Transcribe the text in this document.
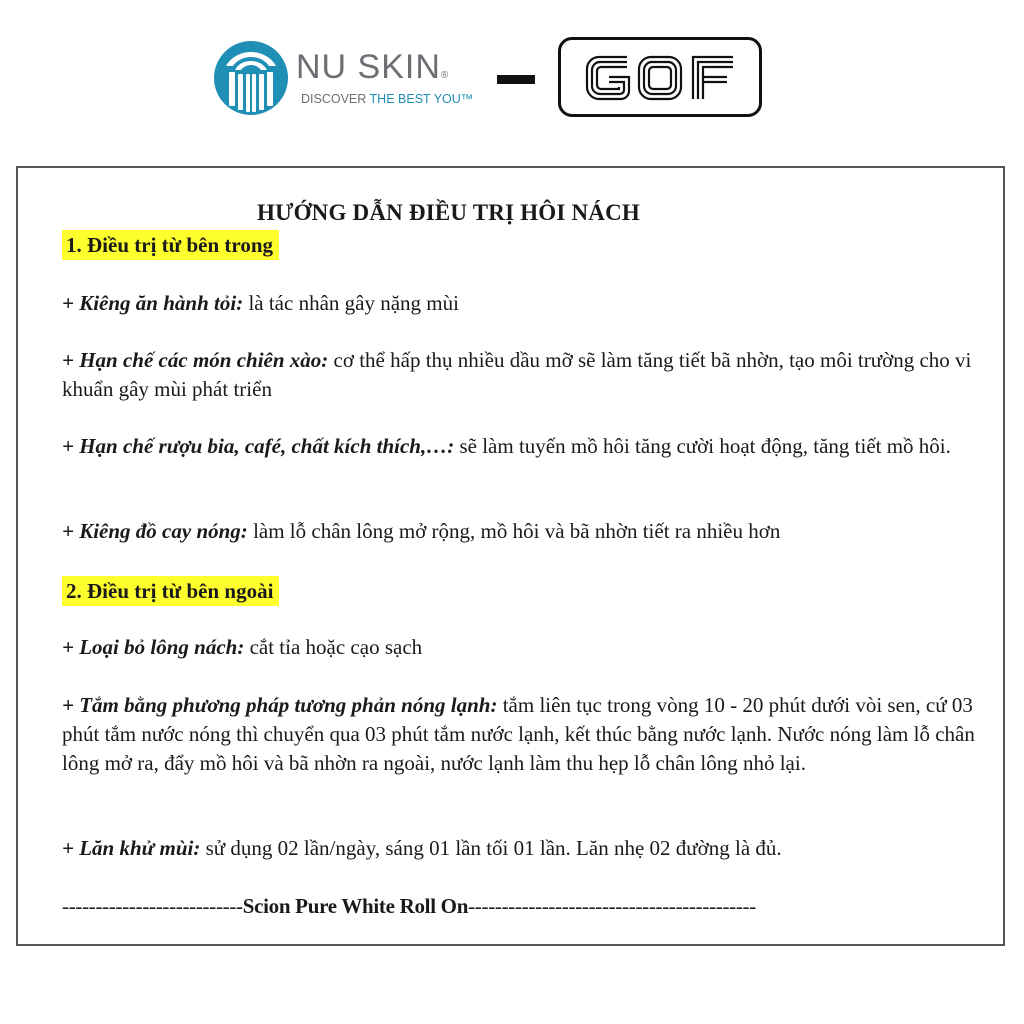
NU SKIN®
DISCOVER THE BEST YOU™
HƯỚNG DẪN ĐIỀU TRỊ HÔI NÁCH
1. Điều trị từ bên trong

+ Kiêng ăn hành tỏi: là tác nhân gây nặng mùi

+ Hạn chế các món chiên xào: cơ thể hấp thụ nhiều dầu mỡ sẽ làm tăng tiết bã nhờn, tạo môi trường cho vi khuẩn gây mùi phát triển

+ Hạn chế rượu bia, café, chất kích thích,…: sẽ làm tuyến mồ hôi tăng cười hoạt động, tăng tiết mồ hôi.

+ Kiêng đồ cay nóng: làm lỗ chân lông mở rộng, mồ hôi và bã nhờn tiết ra nhiều hơn

2. Điều trị từ bên ngoài

+ Loại bỏ lông nách: cắt tỉa hoặc cạo sạch

+ Tắm bằng phương pháp tương phản nóng lạnh: tắm liên tục trong vòng 10 - 20 phút dưới vòi sen, cứ 03 phút tắm nước nóng thì chuyển qua 03 phút tắm nước lạnh, kết thúc bằng nước lạnh. Nước nóng làm lỗ chân lông mở ra, đẩy mồ hôi và bã nhờn ra ngoài, nước lạnh làm thu hẹp lỗ chân lông nhỏ lại.

+ Lăn khử mùi: sử dụng 02 lần/ngày, sáng 01 lần tối 01 lần. Lăn nhẹ 02 đường là đủ.

---------------------------Scion Pure White Roll On-------------------------------------------
